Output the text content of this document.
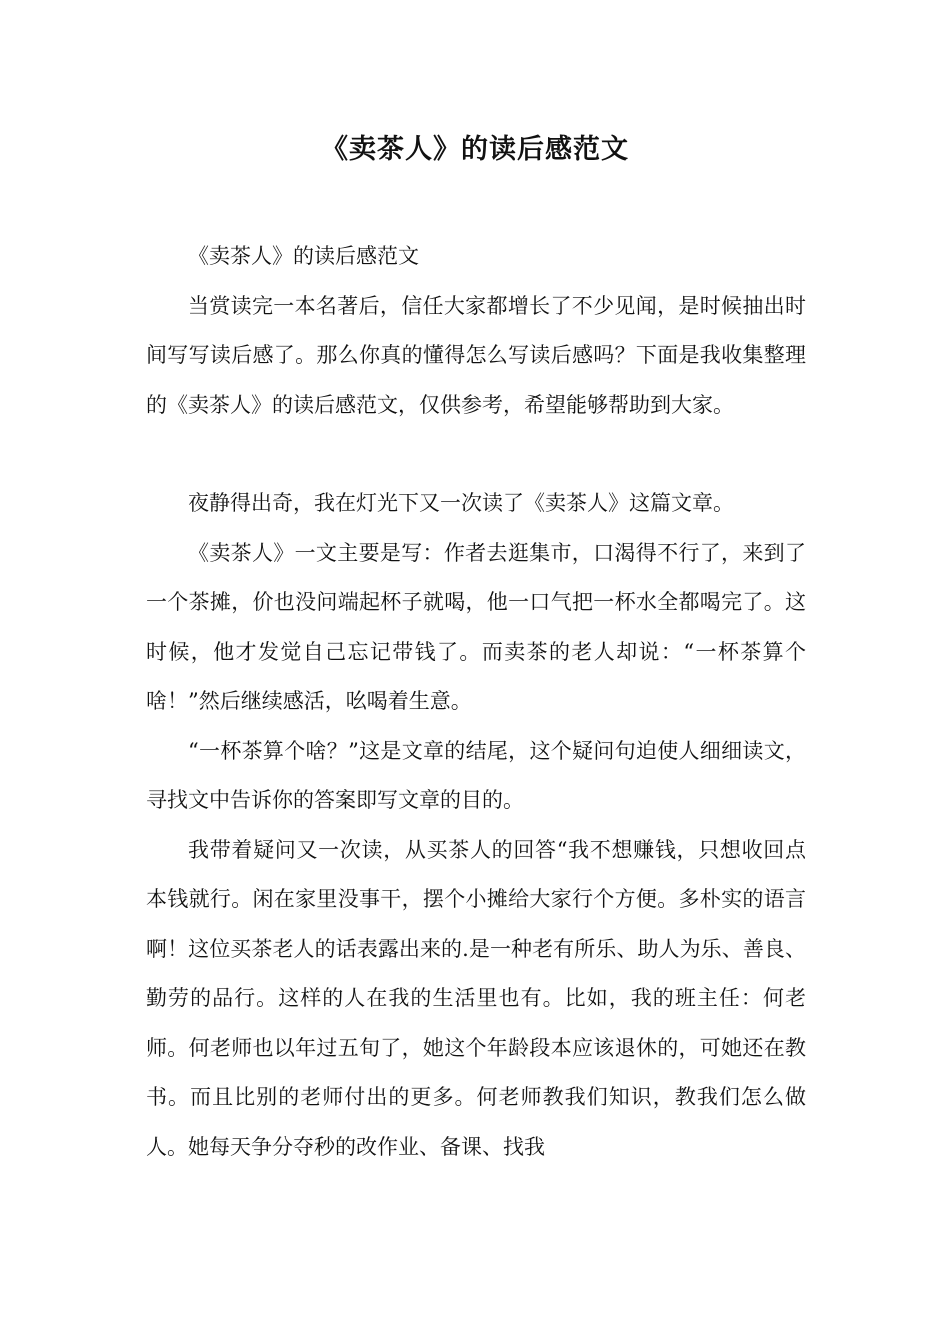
《卖茶人》的读后感范文

《卖茶人》的读后感范文

当赏读完一本名著后，信任大家都增长了不少见闻，是时候抽出时间写写读后感了。那么你真的懂得怎么写读后感吗？下面是我收集整理的《卖茶人》的读后感范文，仅供参考，希望能够帮助到大家。

夜静得出奇，我在灯光下又一次读了《卖茶人》这篇文章。

《卖茶人》一文主要是写：作者去逛集市，口渴得不行了，来到了一个茶摊，价也没问端起杯子就喝，他一口气把一杯水全都喝完了。这时候，他才发觉自己忘记带钱了。而卖茶的老人却说：“一杯茶算个啥！”然后继续感活，吆喝着生意。

“一杯茶算个啥？”这是文章的结尾，这个疑问句迫使人细细读文，寻找文中告诉你的答案即写文章的目的。

我带着疑问又一次读，从买茶人的回答“我不想赚钱，只想收回点本钱就行。闲在家里没事干，摆个小摊给大家行个方便。多朴实的语言啊！这位买茶老人的话表露出来的.是一种老有所乐、助人为乐、善良、勤劳的品行。这样的人在我的生活里也有。比如，我的班主任：何老师。何老师也以年过五旬了，她这个年龄段本应该退休的，可她还在教书。而且比别的老师付出的更多。何老师教我们知识，教我们怎么做人。她每天争分夺秒的改作业、备课、找我
